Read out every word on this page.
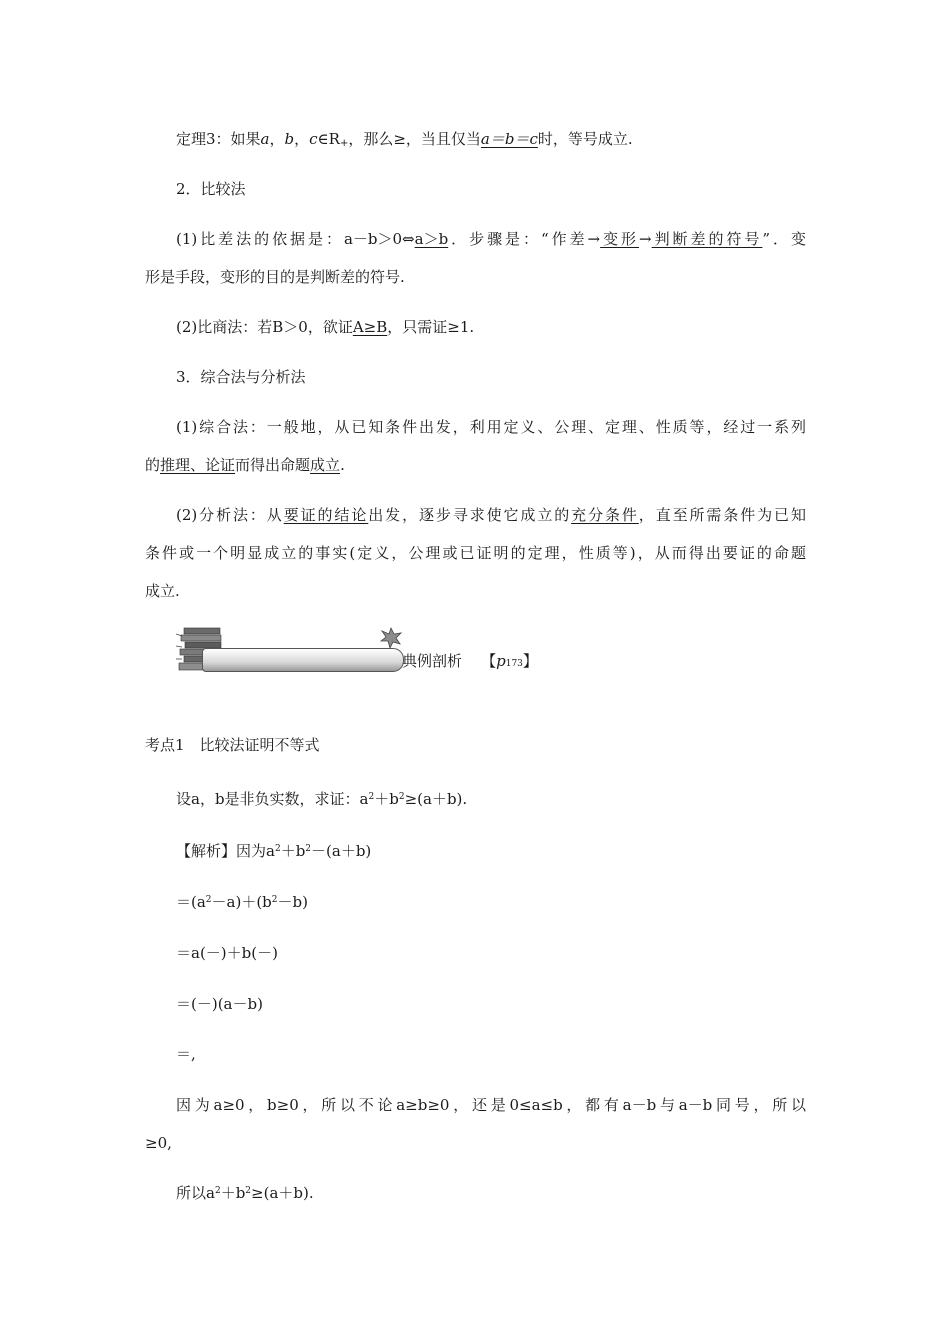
定理3：如果a，b，$c\in R_+$，那么≥，当且仅当a＝b＝c时，等号成立.
2．比较法
(1)比差法的依据是：a－b＞0⇔a＞b．步骤是：“作差→变形→判断差的符号”．变
形是手段，变形的目的是判断差的符号.
(2)比商法：若B＞0，欲证A≥B，只需证≥1.
3．综合法与分析法
(1)综合法：一般地，从已知条件出发，利用定义、公理、定理、性质等，经过一系列
的推理、论证而得出命题成立.
(2)分析法：从要证的结论出发，逐步寻求使它成立的充分条件，直至所需条件为已知
条件或一个明显成立的事实(定义，公理或已证明的定理，性质等)，从而得出要证的命题
成立.
典例剖析 【p173】
考点1　比较法证明不等式
设a，b是非负实数，求证：$a^2+b^2\ge(a+b)$.
【解析】因为$a^2+b^2-(a+b)$
$=(a^2-a)+(b^2-b)$
＝a(－)＋b(－)
＝(－)(a－b)
＝,
因为a≥0，b≥0，所以不论a≥b≥0，还是0≤a≤b，都有a－b与a－b同号，所以
≥0,
所以$a^2+b^2\ge(a+b)$.
